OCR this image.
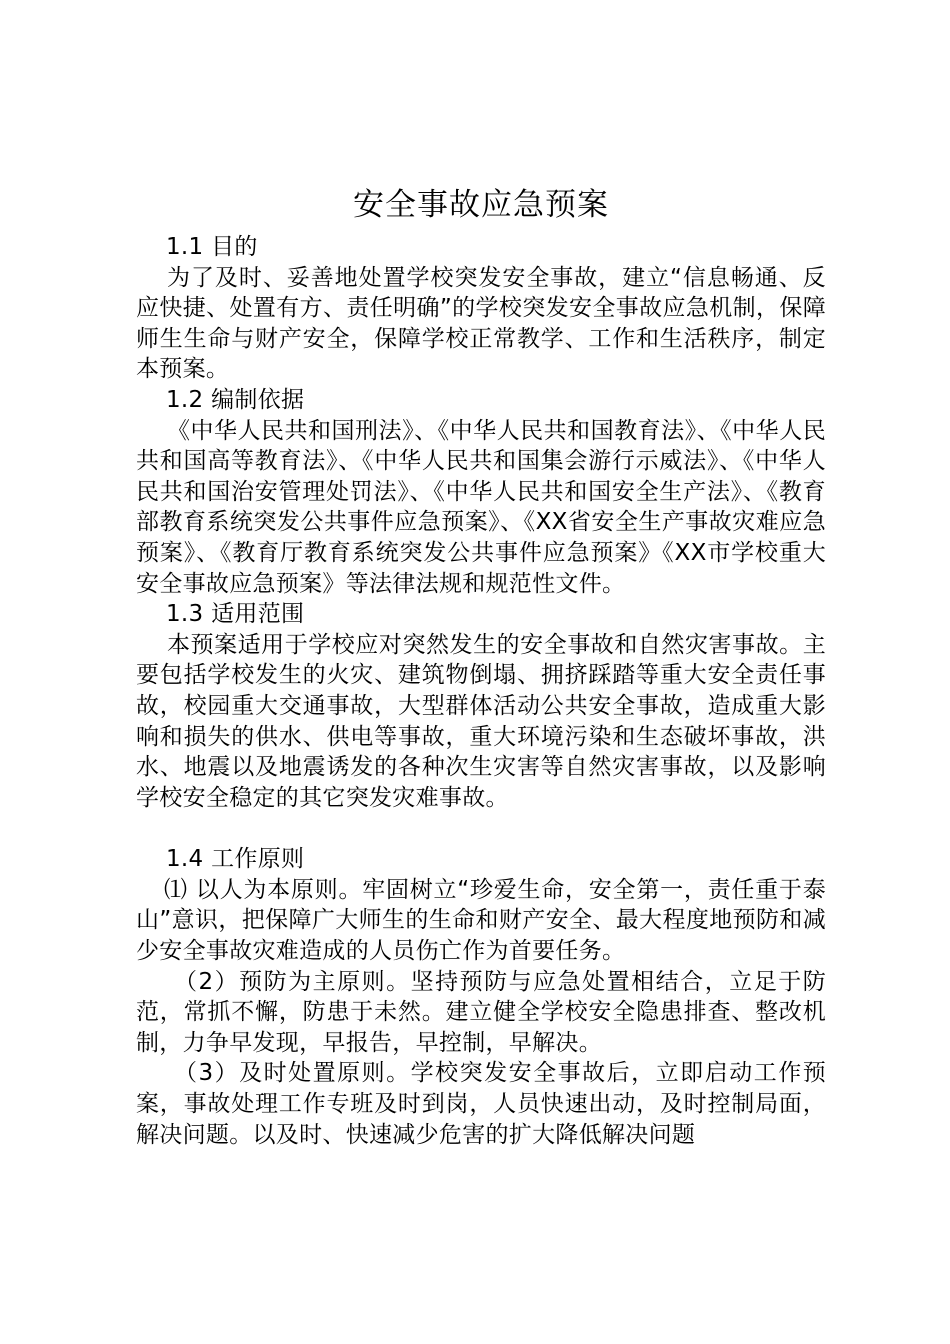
安全事故应急预案

1.1 目的

为了及时、妥善地处置学校突发安全事故，建立“信息畅通、反应快捷、处置有方、责任明确”的学校突发安全事故应急机制，保障师生生命与财产安全，保障学校正常教学、工作和生活秩序，制定本预案。

1.2 编制依据

《中华人民共和国刑法》、《中华人民共和国教育法》、《中华人民共和国高等教育法》、《中华人民共和国集会游行示威法》、《中华人民共和国治安管理处罚法》、《中华人民共和国安全生产法》、《教育部教育系统突发公共事件应急预案》、《XX省安全生产事故灾难应急预案》、《教育厅教育系统突发公共事件应急预案》《XX市学校重大安全事故应急预案》等法律法规和规范性文件。

1.3 适用范围

本预案适用于学校应对突然发生的安全事故和自然灾害事故。主要包括学校发生的火灾、建筑物倒塌、拥挤踩踏等重大安全责任事故，校园重大交通事故，大型群体活动公共安全事故，造成重大影响和损失的供水、供电等事故，重大环境污染和生态破坏事故，洪水、地震以及地震诱发的各种次生灾害等自然灾害事故，以及影响学校安全稳定的其它突发灾难事故。

1.4 工作原则

⑴ 以人为本原则。牢固树立“珍爱生命，安全第一，责任重于泰山”意识，把保障广大师生的生命和财产安全、最大程度地预防和减少安全事故灾难造成的人员伤亡作为首要任务。

（2）预防为主原则。坚持预防与应急处置相结合，立足于防范，常抓不懈，防患于未然。建立健全学校安全隐患排查、整改机制，力争早发现，早报告，早控制，早解决。

（3）及时处置原则。学校突发安全事故后，立即启动工作预案，事故处理工作专班及时到岗，人员快速出动，及时控制局面，解决问题。以及时、快速减少危害的扩大降低解决问题
